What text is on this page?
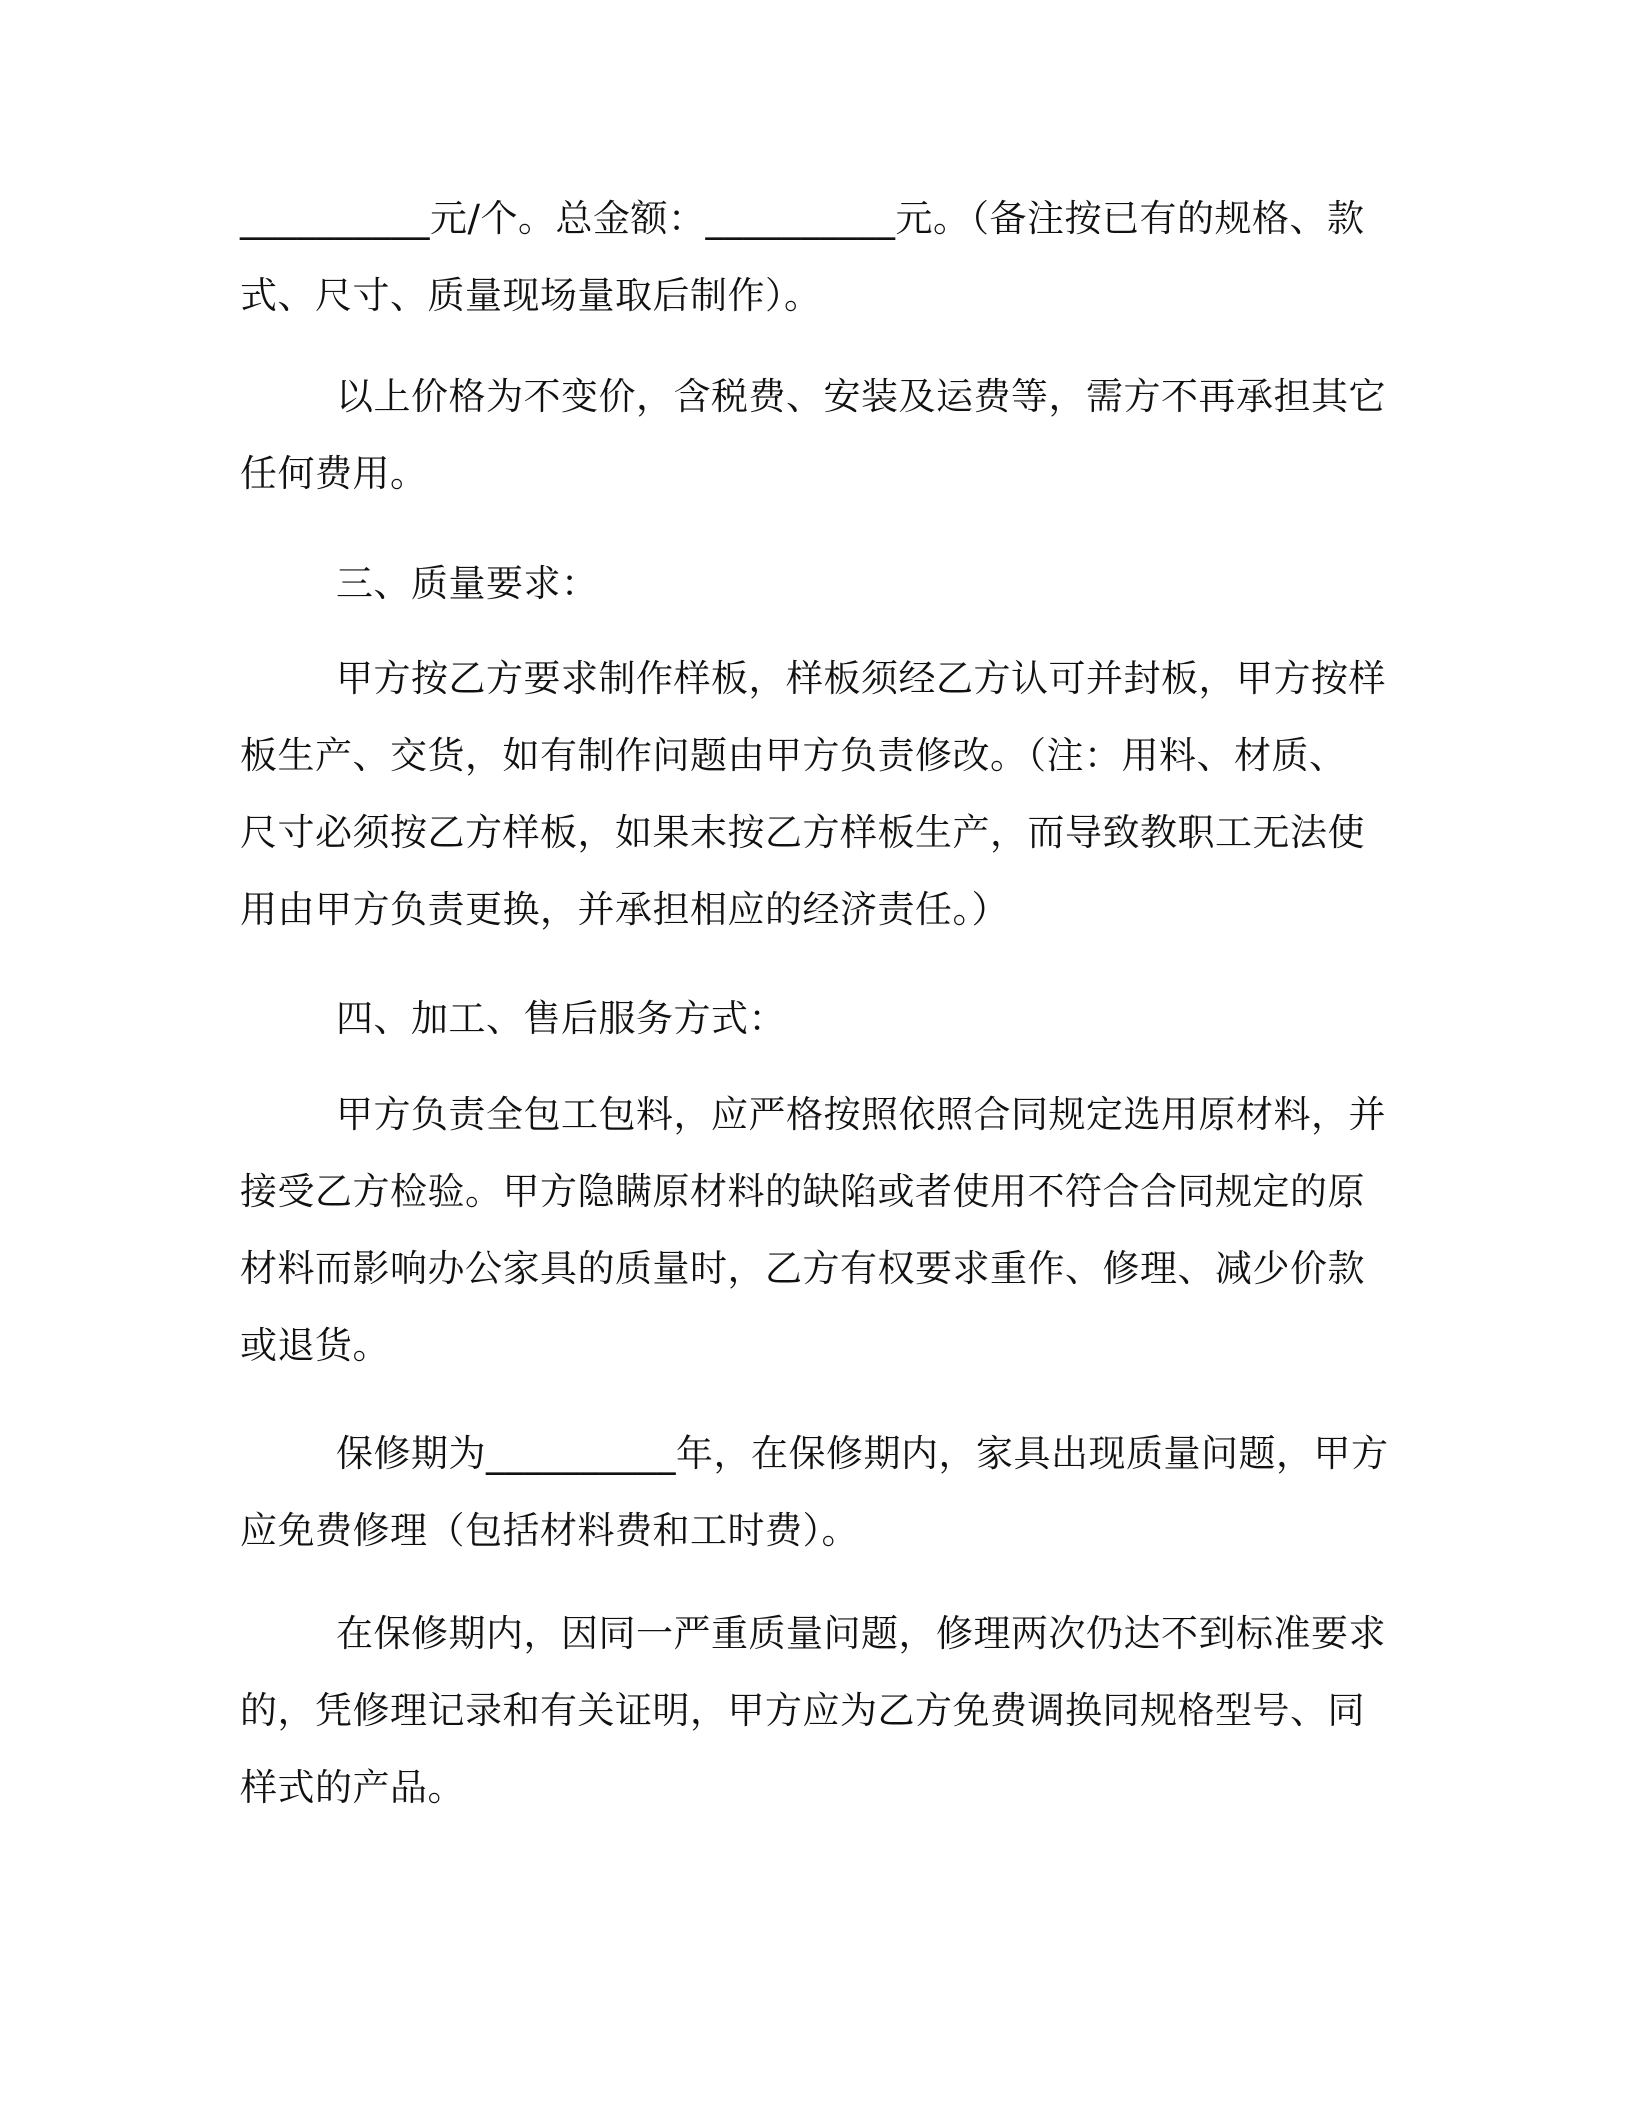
__________元/个。总金额：__________元。（备注按已有的规格、款
式、尺寸、质量现场量取后制作）。

以上价格为不变价，含税费、安装及运费等，需方不再承担其它
任何费用。

三、质量要求：

甲方按乙方要求制作样板，样板须经乙方认可并封板，甲方按样
板生产、交货，如有制作问题由甲方负责修改。（注：用料、材质、
尺寸必须按乙方样板，如果末按乙方样板生产，而导致教职工无法使
用由甲方负责更换，并承担相应的经济责任。）

四、加工、售后服务方式：

甲方负责全包工包料，应严格按照依照合同规定选用原材料，并
接受乙方检验。甲方隐瞒原材料的缺陷或者使用不符合合同规定的原
材料而影响办公家具的质量时，乙方有权要求重作、修理、减少价款
或退货。

保修期为__________年，在保修期内，家具出现质量问题，甲方
应免费修理（包括材料费和工时费）。

在保修期内，因同一严重质量问题，修理两次仍达不到标准要求
的，凭修理记录和有关证明，甲方应为乙方免费调换同规格型号、同
样式的产品。
